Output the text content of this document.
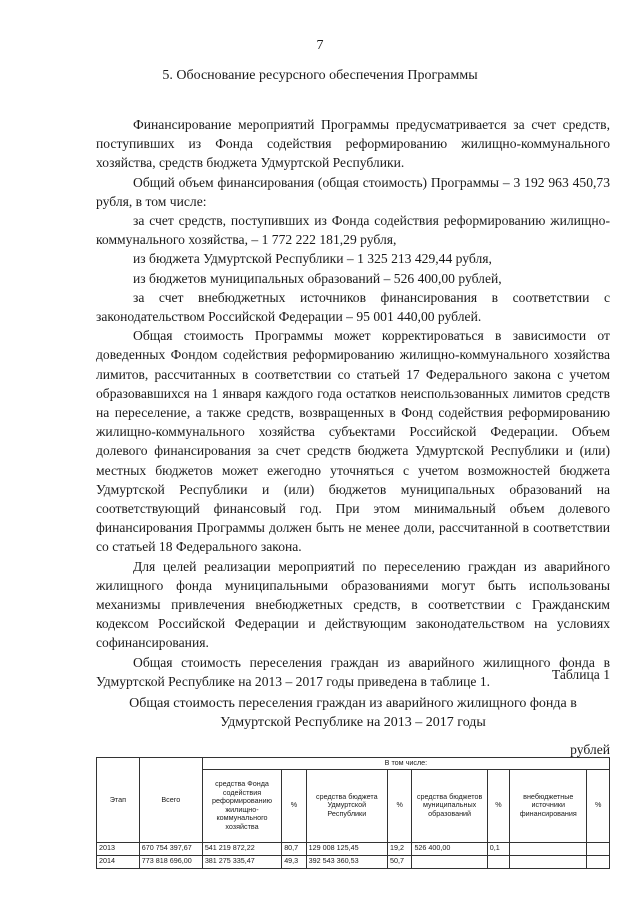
7
5. Обоснование ресурсного обеспечения Программы

Финансирование мероприятий Программы предусматривается за счет средств, поступивших из Фонда содействия реформированию жилищно-коммунального хозяйства, средств бюджета Удмуртской Республики.

Общий объем финансирования (общая стоимость) Программы – 3 192 963 450,73 рубля, в том числе:

за счет средств, поступивших из Фонда содействия реформированию жилищно-коммунального хозяйства, – 1 772 222 181,29 рубля,

из бюджета Удмуртской Республики – 1 325 213 429,44 рубля,

из бюджетов муниципальных образований – 526 400,00 рублей,

за счет внебюджетных источников финансирования в соответствии с законодательством Российской Федерации – 95 001 440,00 рублей.

Общая стоимость Программы может корректироваться в зависимости от доведенных Фондом содействия реформированию жилищно-коммунального хозяйства лимитов, рассчитанных в соответствии со статьей 17 Федерального закона с учетом образовавшихся на 1 января каждого года остатков неиспользованных лимитов средств на переселение, а также средств, возвращенных в Фонд содействия реформированию жилищно-коммунального хозяйства субъектами Российской Федерации. Объем долевого финансирования за счет средств бюджета Удмуртской Республики и (или) местных бюджетов может ежегодно уточняться с учетом возможностей бюджета Удмуртской Республики и (или) бюджетов муниципальных образований на соответствующий финансовый год. При этом минимальный объем долевого финансирования Программы должен быть не менее доли, рассчитанной в соответствии со статьей 18 Федерального закона.

Для целей реализации мероприятий по переселению граждан из аварийного жилищного фонда муниципальными образованиями могут быть использованы механизмы привлечения внебюджетных средств, в соответствии с Гражданским кодексом Российской Федерации и действующим законодательством на условиях софинансирования.

Общая стоимость переселения граждан из аварийного жилищного фонда в Удмуртской Республике на 2013 – 2017 годы приведена в таблице 1.	Таблица 1
Общая стоимость переселения граждан из аварийного жилищного фонда в
Удмуртской Республике на 2013 – 2017 годы
рублей
Этап	Всего	В том числе:							
		средства Фонда содействия реформированию жилищно-коммунального хозяйства	%	средства бюджета Удмуртской Республики	%	средства бюджетов муниципальных образований	%	внебюджетные источники финансирования	%
2013	670 754 397,67	541 219 872,22	80,7	129 008 125,45	19,2	526 400,00	0,1		
2014	773 818 696,00	381 275 335,47	49,3	392 543 360,53	50,7				
